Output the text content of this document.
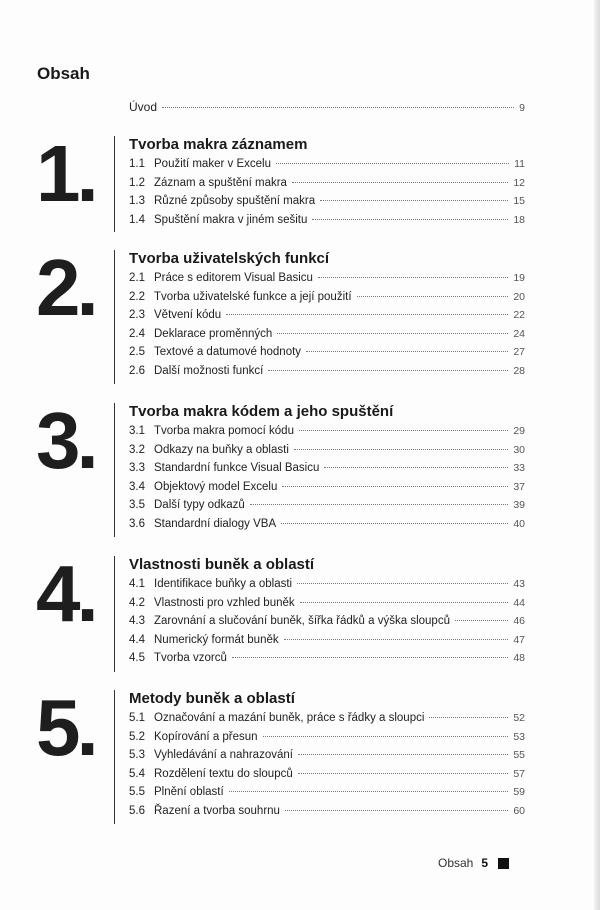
Obsah
Úvod	9
1. Tvorba makra záznamem
1.1 Použití maker v Excelu	11
1.2 Záznam a spuštění makra	12
1.3 Různé způsoby spuštění makra	15
1.4 Spuštění makra v jiném sešitu	18
2. Tvorba uživatelských funkcí
2.1 Práce s editorem Visual Basicu	19
2.2 Tvorba uživatelské funkce a její použití	20
2.3 Větvení kódu	22
2.4 Deklarace proměnných	24
2.5 Textové a datumové hodnoty	27
2.6 Další možnosti funkcí	28
3. Tvorba makra kódem a jeho spuštění
3.1 Tvorba makra pomocí kódu	29
3.2 Odkazy na buňky a oblasti	30
3.3 Standardní funkce Visual Basicu	33
3.4 Objektový model Excelu	37
3.5 Další typy odkazů	39
3.6 Standardní dialogy VBA	40
4. Vlastnosti buněk a oblastí
4.1 Identifikace buňky a oblasti	43
4.2 Vlastnosti pro vzhled buněk	44
4.3 Zarovnání a slučování buněk, šířka řádků a výška sloupců	46
4.4 Numerický formát buněk	47
4.5 Tvorba vzorců	48
5. Metody buněk a oblastí
5.1 Označování a mazání buněk, práce s řádky a sloupci	52
5.2 Kopírování a přesun	53
5.3 Vyhledávání a nahrazování	55
5.4 Rozdělení textu do sloupců	57
5.5 Plnění oblastí	59
5.6 Řazení a tvorba souhrnu	60
Obsah 5
